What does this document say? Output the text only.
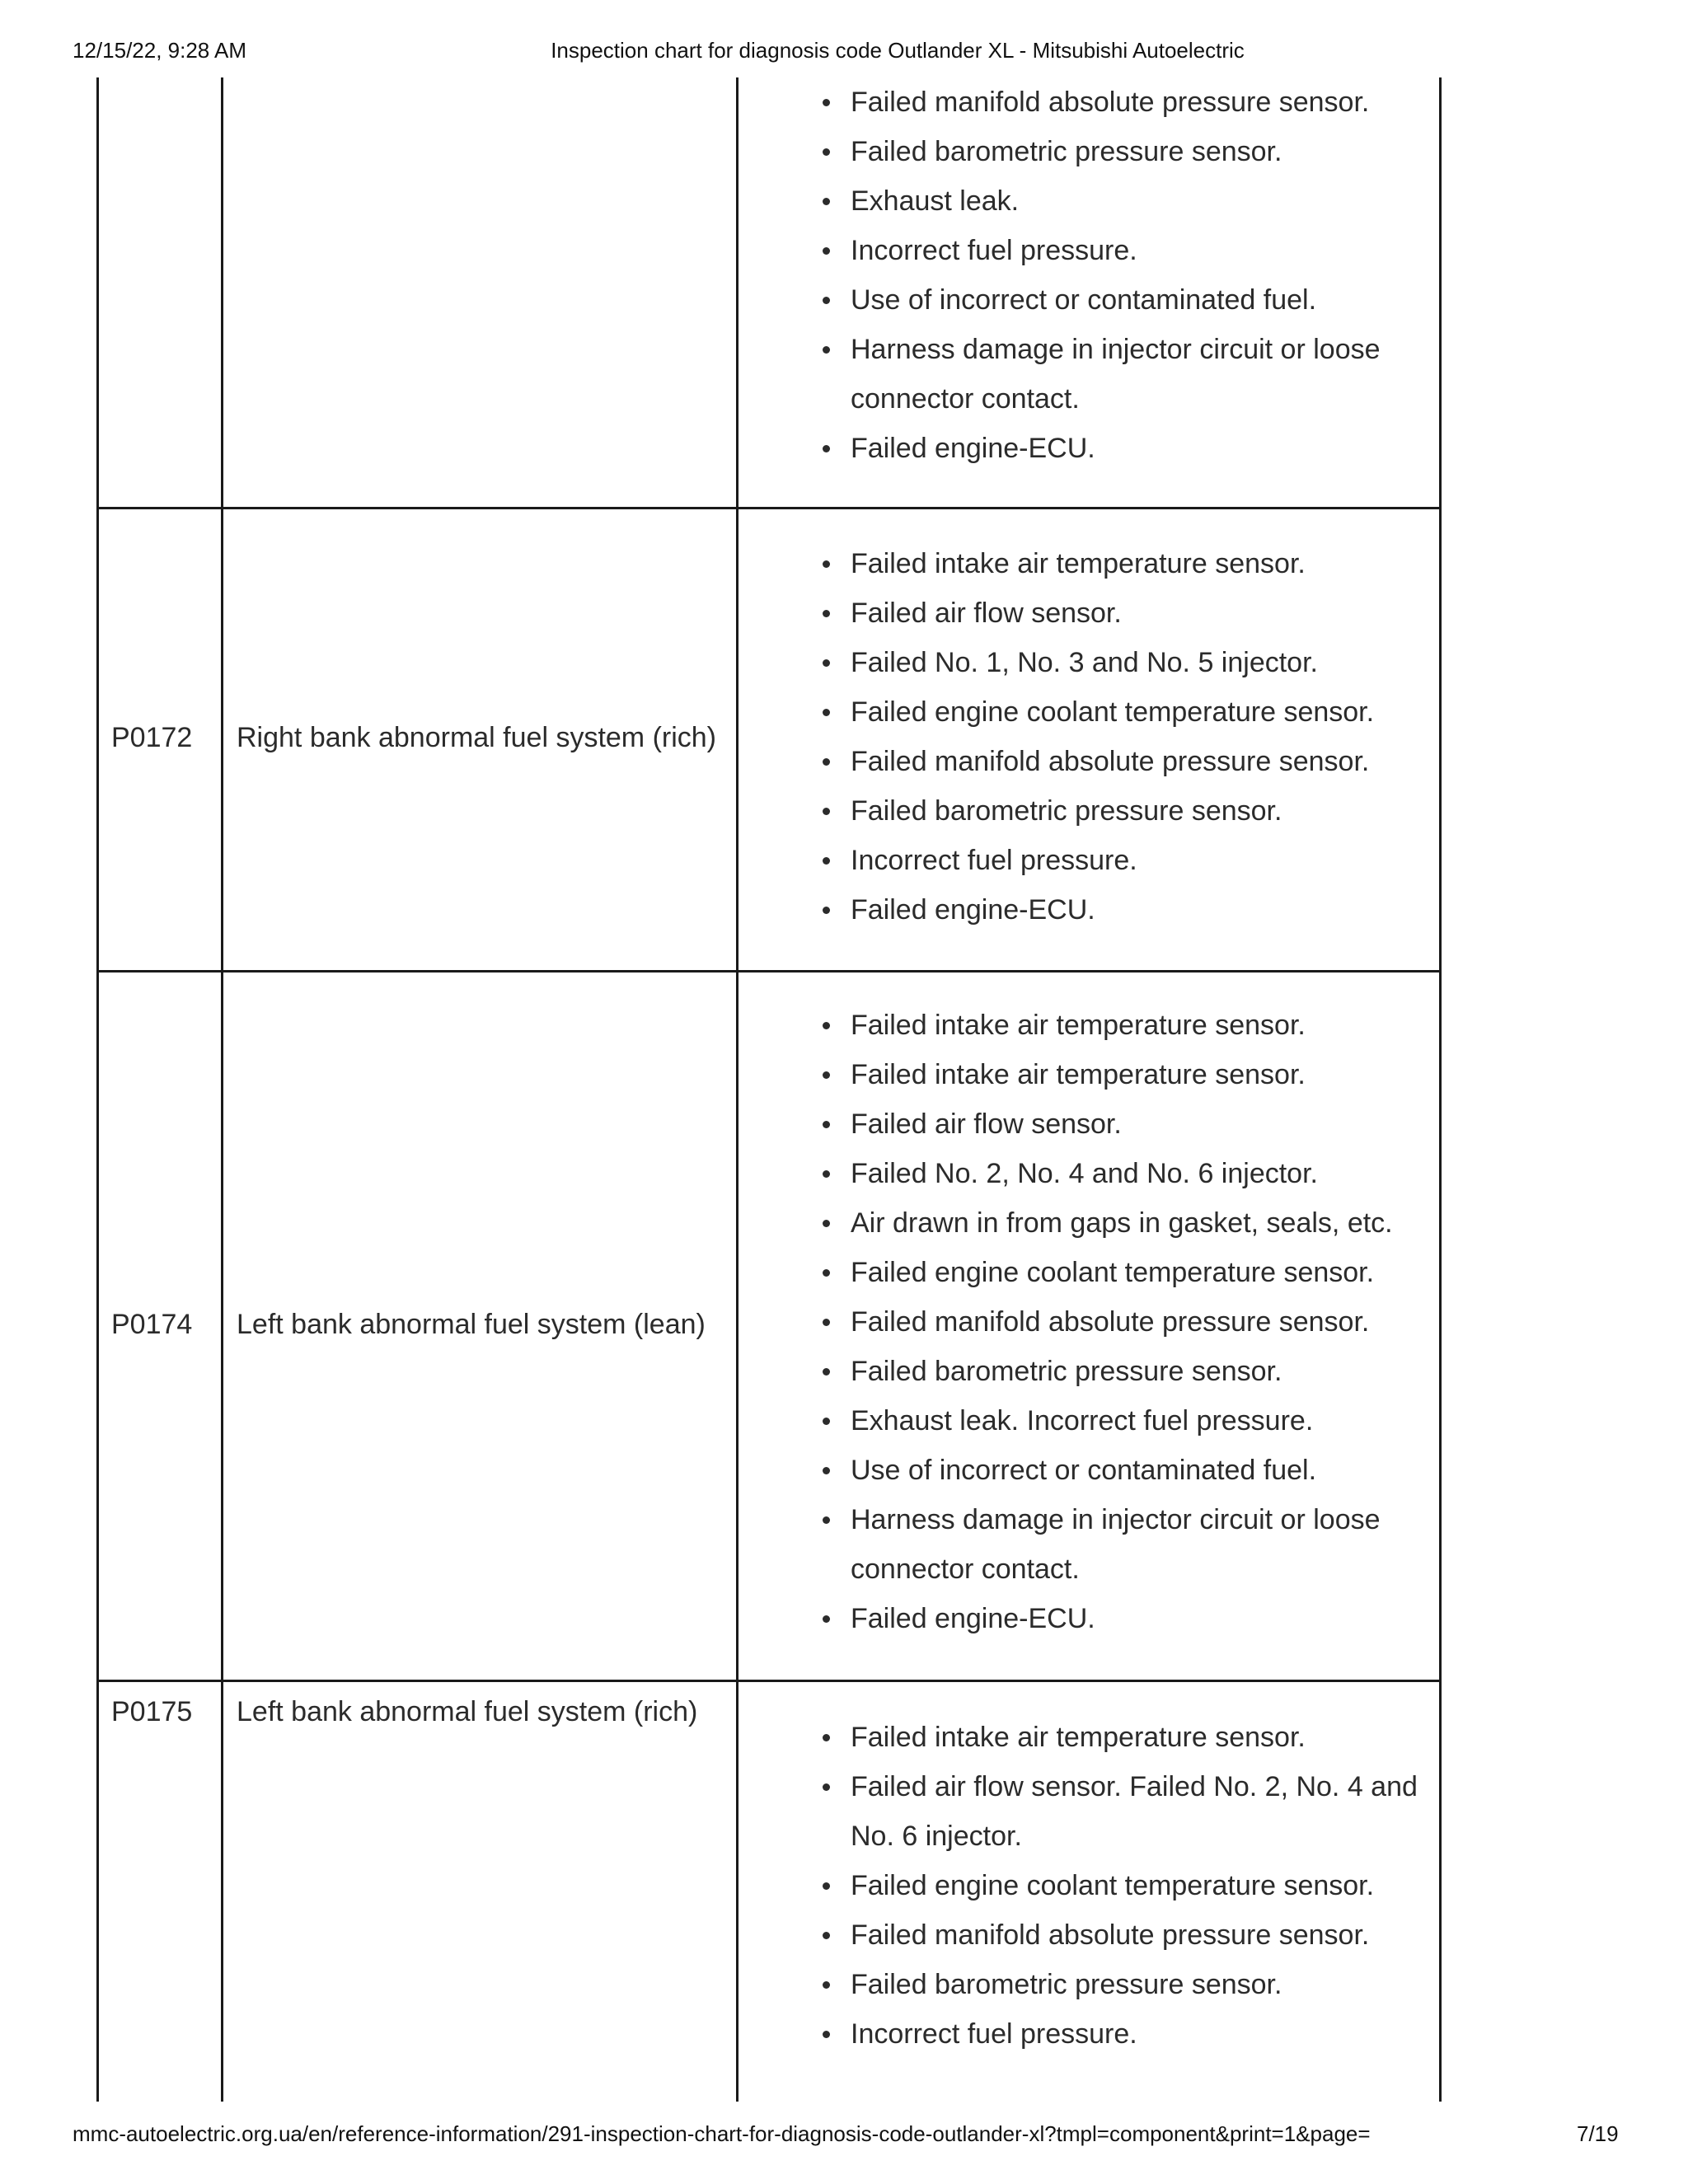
12/15/22, 9:28 AM	Inspection chart for diagnosis code Outlander XL - Mitsubishi Autoelectric
Failed manifold absolute pressure sensor.
Failed barometric pressure sensor.
Exhaust leak.
Incorrect fuel pressure.
Use of incorrect or contaminated fuel.
Harness damage in injector circuit or loose connector contact.
Failed engine-ECU.
P0172 Right bank abnormal fuel system (rich)
Failed intake air temperature sensor.
Failed air flow sensor.
Failed No. 1, No. 3 and No. 5 injector.
Failed engine coolant temperature sensor.
Failed manifold absolute pressure sensor.
Failed barometric pressure sensor.
Incorrect fuel pressure.
Failed engine-ECU.
P0174 Left bank abnormal fuel system (lean)
Failed intake air temperature sensor.
Failed intake air temperature sensor.
Failed air flow sensor.
Failed No. 2, No. 4 and No. 6 injector.
Air drawn in from gaps in gasket, seals, etc.
Failed engine coolant temperature sensor.
Failed manifold absolute pressure sensor.
Failed barometric pressure sensor.
Exhaust leak. Incorrect fuel pressure.
Use of incorrect or contaminated fuel.
Harness damage in injector circuit or loose connector contact.
Failed engine-ECU.
P0175 Left bank abnormal fuel system (rich)
Failed intake air temperature sensor.
Failed air flow sensor. Failed No. 2, No. 4 and No. 6 injector.
Failed engine coolant temperature sensor.
Failed manifold absolute pressure sensor.
Failed barometric pressure sensor.
Incorrect fuel pressure.
mmc-autoelectric.org.ua/en/reference-information/291-inspection-chart-for-diagnosis-code-outlander-xl?tmpl=component&print=1&page=	7/19
